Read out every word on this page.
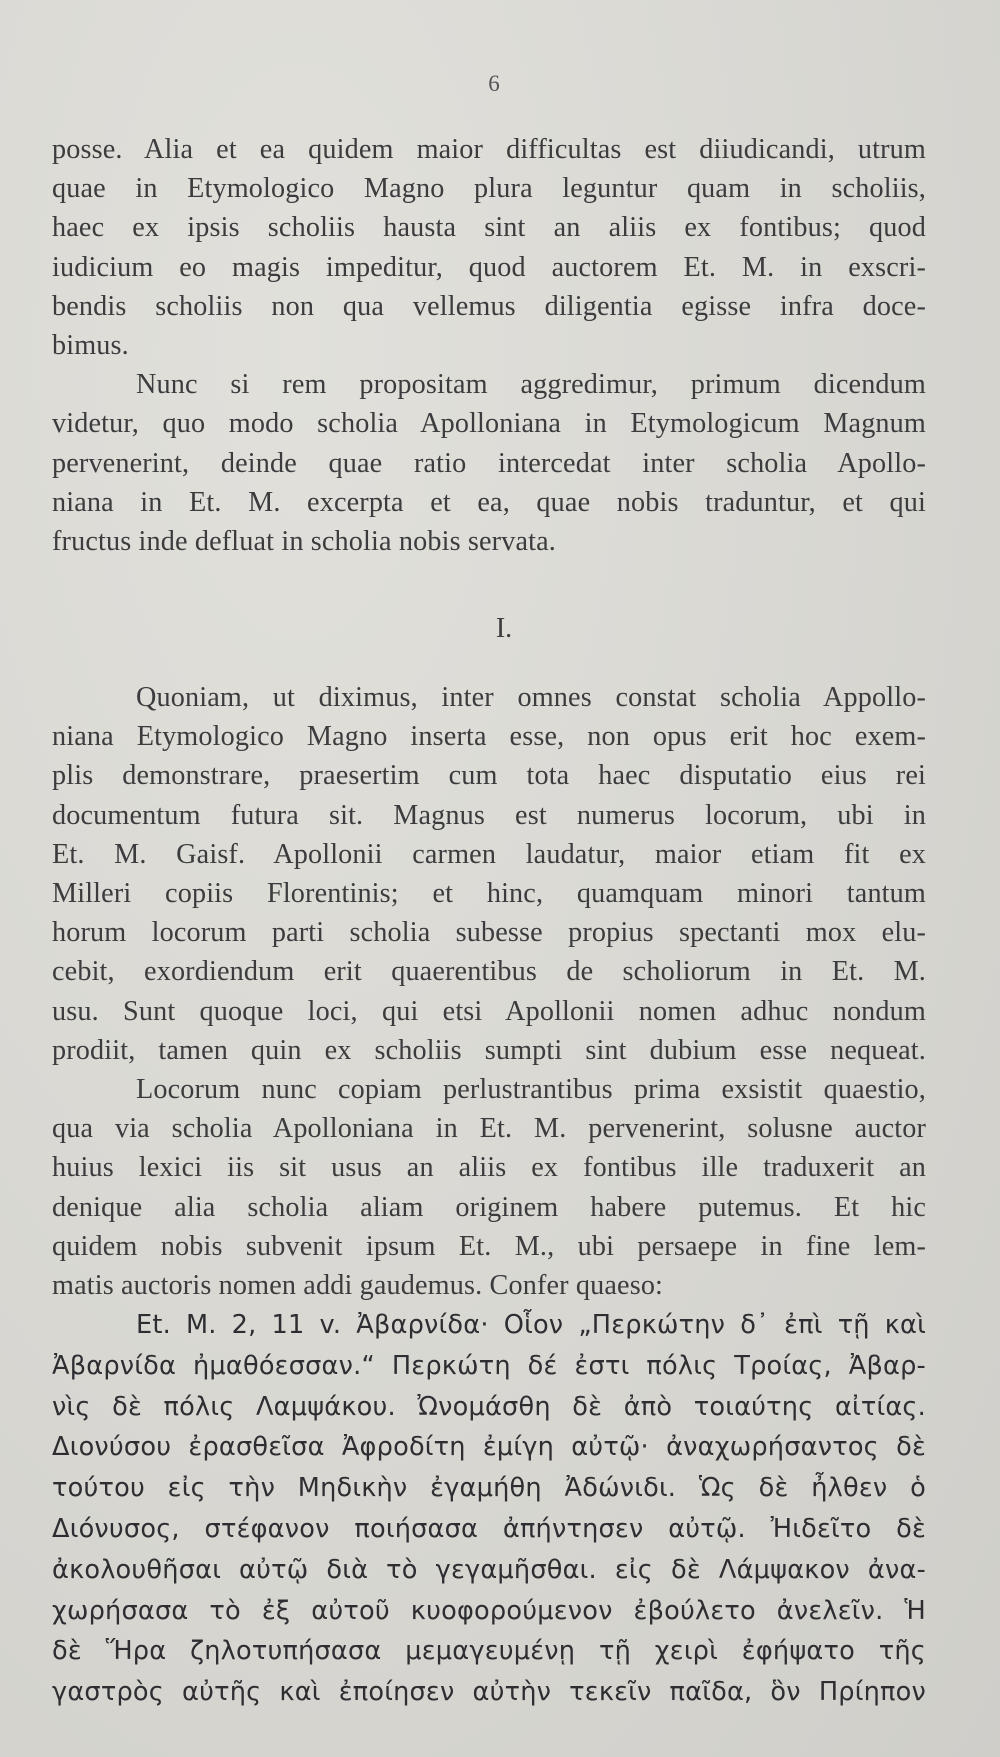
6
posse. Alia et ea quidem maior difficultas est diiudicandi, utrum
quae in Etymologico Magno plura leguntur quam in scholiis,
haec ex ipsis scholiis hausta sint an aliis ex fontibus; quod
iudicium eo magis impeditur, quod auctorem Et. M. in exscri-
bendis scholiis non qua vellemus diligentia egisse infra doce-
bimus.
Nunc si rem propositam aggredimur, primum dicendum
videtur, quo modo scholia Apolloniana in Etymologicum Magnum
pervenerint, deinde quae ratio intercedat inter scholia Apollo-
niana in Et. M. excerpta et ea, quae nobis traduntur, et qui
fructus inde defluat in scholia nobis servata.
I.
Quoniam, ut diximus, inter omnes constat scholia Appollo-
niana Etymologico Magno inserta esse, non opus erit hoc exem-
plis demonstrare, praesertim cum tota haec disputatio eius rei
documentum futura sit. Magnus est numerus locorum, ubi in
Et. M. Gaisf. Apollonii carmen laudatur, maior etiam fit ex
Milleri copiis Florentinis; et hinc, quamquam minori tantum
horum locorum parti scholia subesse propius spectanti mox elu-
cebit, exordiendum erit quaerentibus de scholiorum in Et. M.
usu. Sunt quoque loci, qui etsi Apollonii nomen adhuc nondum
prodiit, tamen quin ex scholiis sumpti sint dubium esse nequeat.
Locorum nunc copiam perlustrantibus prima exsistit quaestio,
qua via scholia Apolloniana in Et. M. pervenerint, solusne auctor
huius lexici iis sit usus an aliis ex fontibus ille traduxerit an
denique alia scholia aliam originem habere putemus. Et hic
quidem nobis subvenit ipsum Et. M., ubi persaepe in fine lem-
matis auctoris nomen addi gaudemus. Confer quaeso:
Et. M. 2, 11 v. Ἀβαρνίδα· Οἷον „Περκώτην δ᾽ ἐπὶ τῇ καὶ
Ἀβαρνίδα ἠμαθόεσσαν.“ Περκώτη δέ ἐστι πόλις Τροίας, Ἀβαρ-
νὶς δὲ πόλις Λαμψάκου. Ὠνομάσθη δὲ ἀπὸ τοιαύτης αἰτίας.
Διονύσου ἐρασθεῖσα Ἀφροδίτη ἐμίγη αὐτῷ· ἀναχωρήσαντος δὲ
τούτου εἰς τὴν Μηδικὴν ἐγαμήθη Ἀδώνιδι. Ὡς δὲ ἦλθεν ὁ
Διόνυσος, στέφανον ποιήσασα ἀπήντησεν αὐτῷ. Ἠιδεῖτο δὲ
ἀκολουθῆσαι αὐτῷ διὰ τὸ γεγαμῆσθαι. εἰς δὲ Λάμψακον ἀνα-
χωρήσασα τὸ ἐξ αὐτοῦ κυοφορούμενον ἐβούλετο ἀνελεῖν. Ἡ
δὲ Ἥρα ζηλοτυπήσασα μεμαγευμένῃ τῇ χειρὶ ἐφήψατο τῆς
γαστρὸς αὐτῆς καὶ ἐποίησεν αὐτὴν τεκεῖν παῖδα, ὃν Πρίηπον
